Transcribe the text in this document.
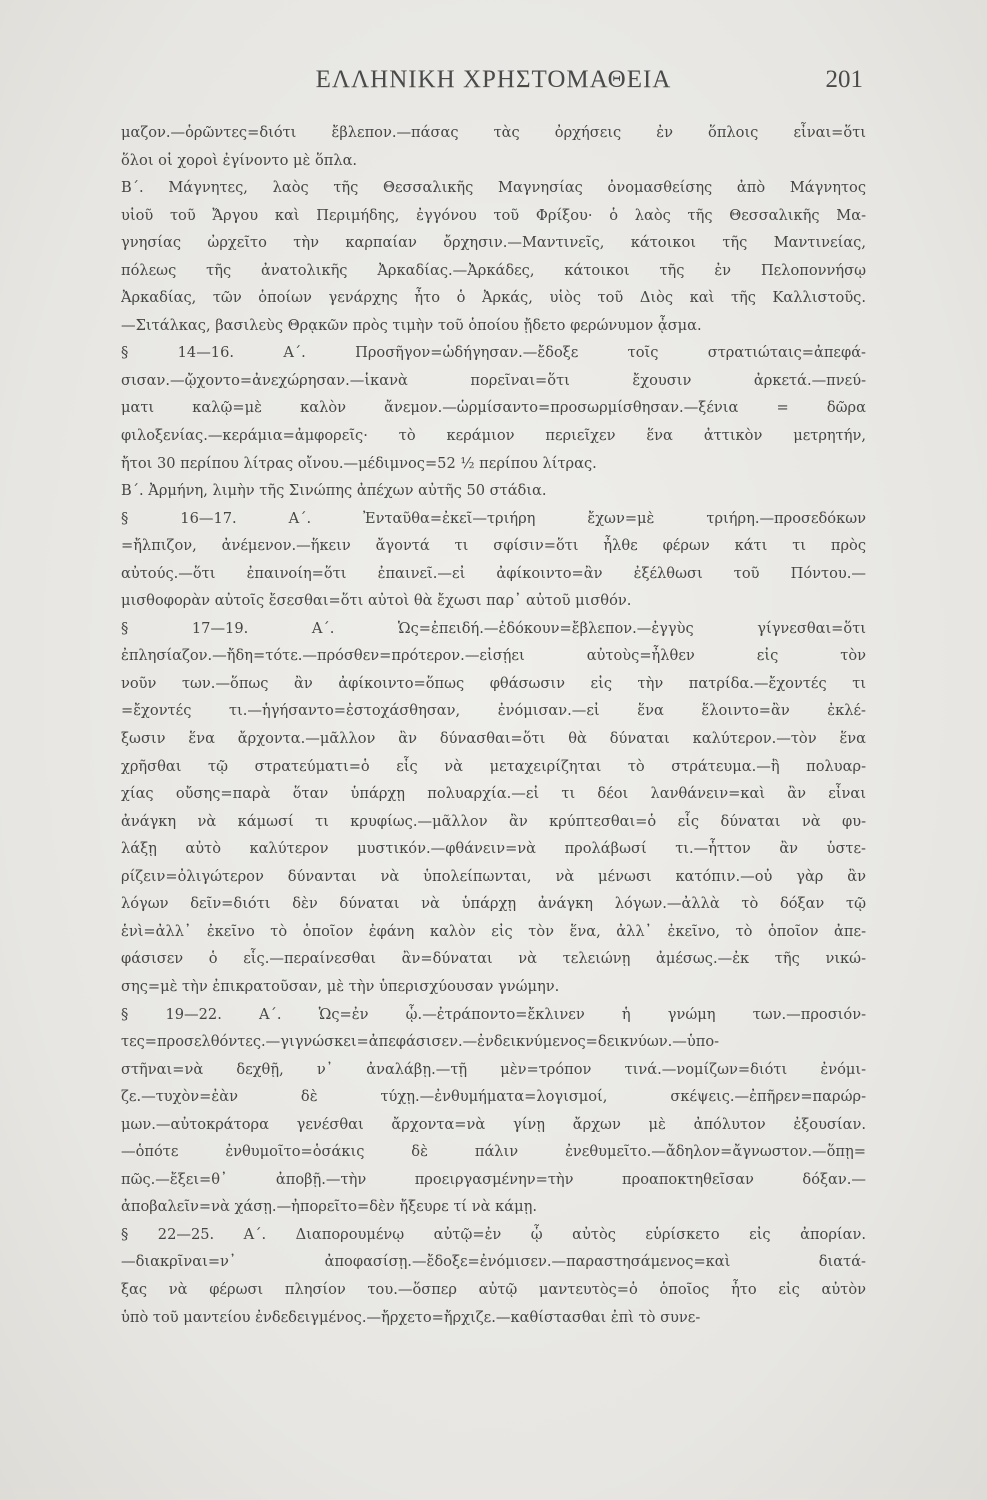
ΕΛΛΗΝΙΚΗ ΧΡΗΣΤΟΜΑΘΕΙΑ	201
μαζον.—ὁρῶντες=διότι ἔβλεπον.—πάσας τὰς ὀρχήσεις ἐν ὅπλοις εἶναι=ὅτι
ὅλοι οἱ χοροὶ ἐγίνοντο μὲ ὅπλα.
Β΄. Μάγνητες, λαὸς τῆς Θεσσαλικῆς Μαγνησίας ὀνομασθείσης ἀπὸ Μάγνητος
υἱοῦ τοῦ Ἄργου καὶ Περιμήδης, ἐγγόνου τοῦ Φρίξου· ὁ λαὸς τῆς Θεσσαλικῆς Μα-
γνησίας ὠρχεῖτο τὴν καρπαίαν ὄρχησιν.—Μαντινεῖς, κάτοικοι τῆς Μαντινείας,
πόλεως τῆς ἀνατολικῆς Ἀρκαδίας.—Ἀρκάδες, κάτοικοι τῆς ἐν Πελοποννήσῳ
Ἀρκαδίας, τῶν ὁποίων γενάρχης ἦτο ὁ Ἀρκάς, υἱὸς τοῦ Διὸς καὶ τῆς Καλλιστοῦς.
—Σιτάλκας, βασιλεὺς Θρᾳκῶν πρὸς τιμὴν τοῦ ὁποίου ᾔδετο φερώνυμον ᾆσμα.
§ 14—16. Α΄. Προσῆγον=ὡδήγησαν.—ἔδοξε τοῖς στρατιώταις=ἀπεφά-
σισαν.—ᾤχοντο=ἀνεχώρησαν.—ἱκανὰ πορεῖναι=ὅτι ἔχουσιν ἀρκετά.—πνεύ-
ματι καλῷ=μὲ καλὸν ἄνεμον.—ὡρμίσαντο=προσωρμίσθησαν.—ξένια = δῶρα
φιλοξενίας.—κεράμια=ἀμφορεῖς· τὸ κεράμιον περιεῖχεν ἕνα ἀττικὸν μετρητήν,
ἤτοι 30 περίπου λίτρας οἴνου.—μέδιμνος=52 ½ περίπου λίτρας.
Β΄. Ἀρμήνη, λιμὴν τῆς Σινώπης ἀπέχων αὐτῆς 50 στάδια.
§ 16—17. Α΄. Ἐνταῦθα=ἐκεῖ—τριήρη ἔχων=μὲ τριήρη.—προσεδόκων
=ἤλπιζον, ἀνέμενον.—ἥκειν ἄγοντά τι σφίσιν=ὅτι ἦλθε φέρων κάτι τι πρὸς
αὐτούς.—ὅτι ἐπαινοίη=ὅτι ἐπαινεῖ.—εἰ ἀφίκοιντο=ἂν ἐξέλθωσι τοῦ Πόντου.—
μισθοφορὰν αὐτοῖς ἔσεσθαι=ὅτι αὐτοὶ θὰ ἔχωσι παρ᾽ αὐτοῦ μισθόν.
§ 17—19. Α΄. Ὡς=ἐπειδή.—ἐδόκουν=ἔβλεπον.—ἐγγὺς γίγνεσθαι=ὅτι
ἐπλησίαζον.—ἤδη=τότε.—πρόσθεν=πρότερον.—εἰσῄει αὐτοὺς=ἦλθεν εἰς τὸν
νοῦν των.—ὅπως ἂν ἀφίκοιντο=ὅπως φθάσωσιν εἰς τὴν πατρίδα.—ἔχοντές τι
=ἔχοντές τι.—ἡγήσαντο=ἐστοχάσθησαν, ἐνόμισαν.—εἰ ἕνα ἕλοιντο=ἂν ἐκλέ-
ξωσιν ἕνα ἄρχοντα.—μᾶλλον ἂν δύνασθαι=ὅτι θὰ δύναται καλύτερον.—τὸν ἕνα
χρῆσθαι τῷ στρατεύματι=ὁ εἷς νὰ μεταχειρίζηται τὸ στράτευμα.—ἢ πολυαρ-
χίας οὔσης=παρὰ ὅταν ὑπάρχῃ πολυαρχία.—εἰ τι δέοι λανθάνειν=καὶ ἂν εἶναι
ἀνάγκη νὰ κάμωσί τι κρυφίως.—μᾶλλον ἂν κρύπτεσθαι=ὁ εἷς δύναται νὰ φυ-
λάξῃ αὐτὸ καλύτερον μυστικόν.—φθάνειν=νὰ προλάβωσί τι.—ἧττον ἂν ὑστε-
ρίζειν=ὀλιγώτερον δύνανται νὰ ὑπολείπωνται, νὰ μένωσι κατόπιν.—οὐ γὰρ ἂν
λόγων δεῖν=διότι δὲν δύναται νὰ ὑπάρχῃ ἀνάγκη λόγων.—ἀλλὰ τὸ δόξαν τῷ
ἑνὶ=ἀλλ᾽ ἐκεῖνο τὸ ὁποῖον ἐφάνη καλὸν εἰς τὸν ἕνα, ἀλλ᾽ ἐκεῖνο, τὸ ὁποῖον ἀπε-
φάσισεν ὁ εἷς.—περαίνεσθαι ἂν=δύναται νὰ τελειώνῃ ἀμέσως.—ἐκ τῆς νικώ-
σης=μὲ τὴν ἐπικρατοῦσαν, μὲ τὴν ὑπερισχύουσαν γνώμην.
§ 19—22. Α΄. Ὡς=ἐν ᾧ.—ἐτράποντο=ἔκλινεν ἡ γνώμη των.—προσιόν-
τες=προσελθόντες.—γιγνώσκει=ἀπεφάσισεν.—ἐνδεικνύμενος=δεικνύων.—ὑπο-
στῆναι=νὰ δεχθῇ, ν᾽ ἀναλάβῃ.—τῇ μὲν=τρόπον τινά.—νομίζων=διότι ἐνόμι-
ζε.—τυχὸν=ἐὰν δὲ τύχῃ.—ἐνθυμήματα=λογισμοί, σκέψεις.—ἐπῆρεν=παρώρ-
μων.—αὐτοκράτορα γενέσθαι ἄρχοντα=νὰ γίνῃ ἄρχων μὲ ἀπόλυτον ἐξουσίαν.
—ὁπότε ἐνθυμοῖτο=ὁσάκις δὲ πάλιν ἐνεθυμεῖτο.—ἄδηλον=ἄγνωστον.—ὅπῃ=
πῶς.—ἔξει=θ᾽ ἀποβῇ.—τὴν προειργασμένην=τὴν προαποκτηθεῖσαν δόξαν.—
ἀποβαλεῖν=νὰ χάσῃ.—ἠπορεῖτο=δὲν ἤξευρε τί νὰ κάμῃ.
§ 22—25. Α΄. Διαπορουμένῳ αὐτῷ=ἐν ᾧ αὐτὸς εὑρίσκετο εἰς ἀπορίαν.
—διακρῖναι=ν᾽ ἀποφασίσῃ.—ἔδοξε=ἐνόμισεν.—παραστησάμενος=καὶ διατά-
ξας νὰ φέρωσι πλησίον του.—ὅσπερ αὐτῷ μαντευτὸς=ὁ ὁποῖος ἦτο εἰς αὐτὸν
ὑπὸ τοῦ μαντείου ἐνδεδειγμένος.—ἤρχετο=ἤρχιζε.—καθίστασθαι ἐπὶ τὸ συνε-
